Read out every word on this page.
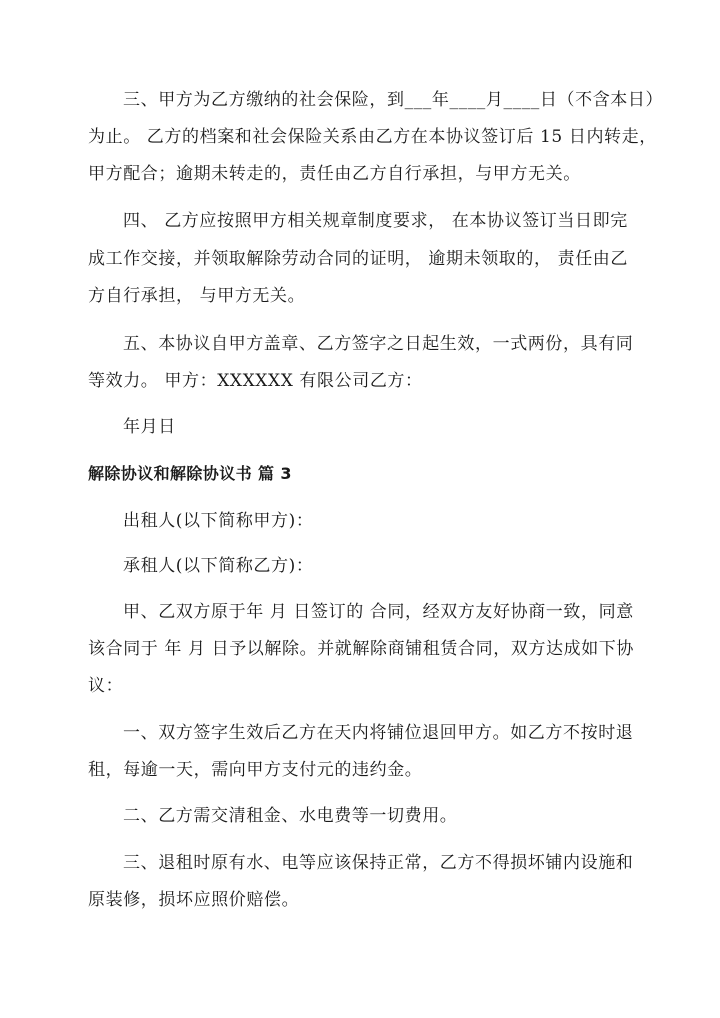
三、甲方为乙方缴纳的社会保险，到___年____月____日（不含本日）
为止。 乙方的档案和社会保险关系由乙方在本协议签订后 15 日内转走，
甲方配合；逾期未转走的，责任由乙方自行承担，与甲方无关。
四、 乙方应按照甲方相关规章制度要求， 在本协议签订当日即完
成工作交接，并领取解除劳动合同的证明， 逾期未领取的， 责任由乙
方自行承担， 与甲方无关。
五、本协议自甲方盖章、乙方签字之日起生效，一式两份，具有同
等效力。 甲方：XXXXXX 有限公司乙方：
年月日
解除协议和解除协议书 篇 3
出租人(以下简称甲方)：
承租人(以下简称乙方)：
甲、乙双方原于年 月 日签订的 合同，经双方友好协商一致，同意
该合同于 年 月 日予以解除。并就解除商铺租赁合同，双方达成如下协
议：
一、双方签字生效后乙方在天内将铺位退回甲方。如乙方不按时退
租，每逾一天，需向甲方支付元的违约金。
二、乙方需交清租金、水电费等一切费用。
三、退租时原有水、电等应该保持正常，乙方不得损坏铺内设施和
原装修，损坏应照价赔偿。
